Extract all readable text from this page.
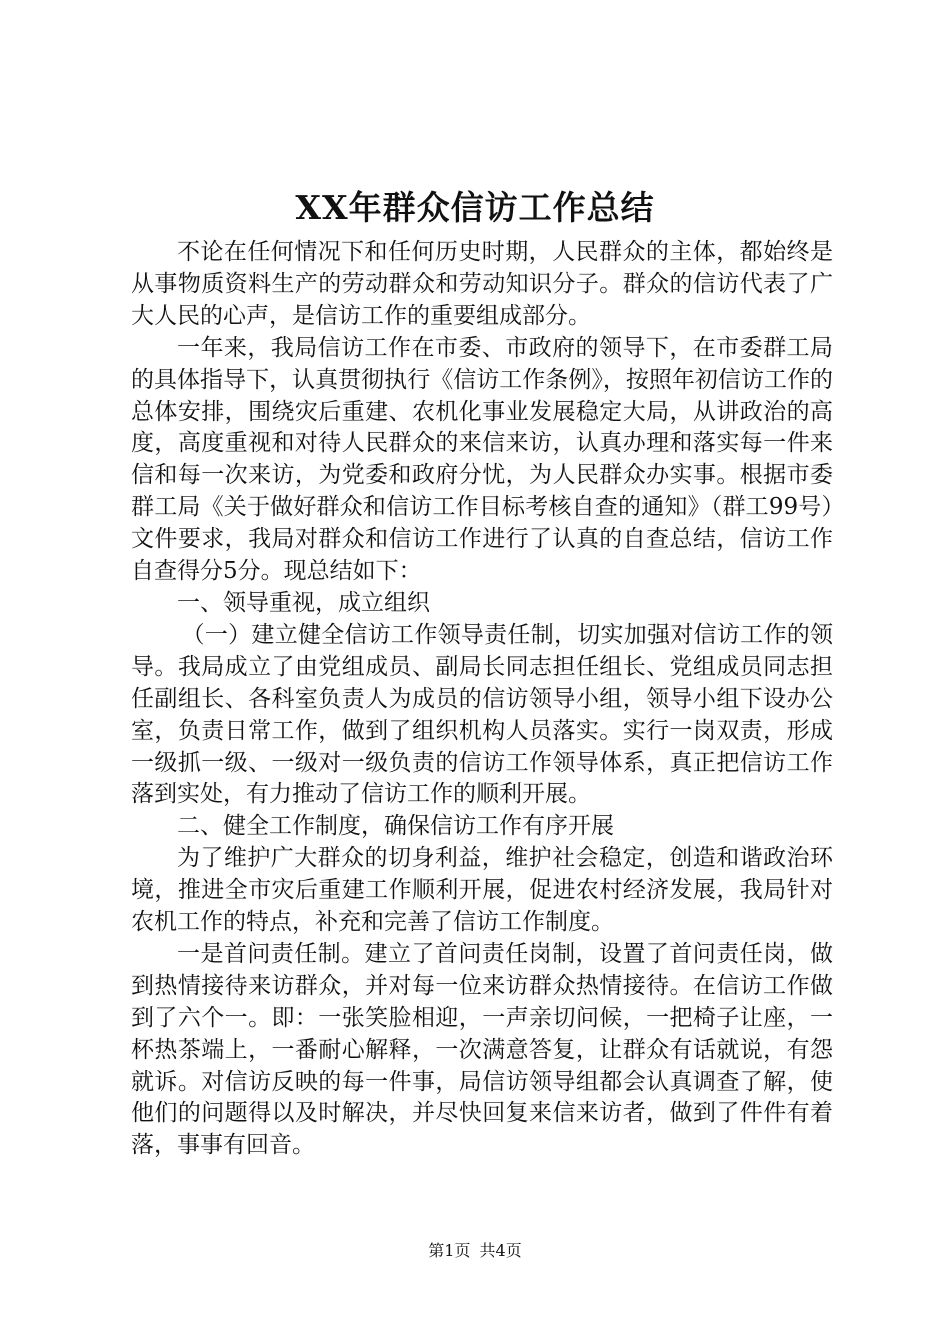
XX年群众信访工作总结

不论在任何情况下和任何历史时期，人民群众的主体，都始终是从事物质资料生产的劳动群众和劳动知识分子。群众的信访代表了广大人民的心声，是信访工作的重要组成部分。

一年来，我局信访工作在市委、市政府的领导下，在市委群工局的具体指导下，认真贯彻执行《信访工作条例》，按照年初信访工作的总体安排，围绕灾后重建、农机化事业发展稳定大局，从讲政治的高度，高度重视和对待人民群众的来信来访，认真办理和落实每一件来信和每一次来访，为党委和政府分忧，为人民群众办实事。根据市委群工局《关于做好群众和信访工作目标考核自查的通知》（群工99号）文件要求，我局对群众和信访工作进行了认真的自查总结，信访工作自查得分5分。现总结如下：

一、领导重视，成立组织

（一）建立健全信访工作领导责任制，切实加强对信访工作的领导。我局成立了由党组成员、副局长同志担任组长、党组成员同志担任副组长、各科室负责人为成员的信访领导小组，领导小组下设办公室，负责日常工作，做到了组织机构人员落实。实行一岗双责，形成一级抓一级、一级对一级负责的信访工作领导体系，真正把信访工作落到实处，有力推动了信访工作的顺利开展。

二、健全工作制度，确保信访工作有序开展

为了维护广大群众的切身利益，维护社会稳定，创造和谐政治环境，推进全市灾后重建工作顺利开展，促进农村经济发展，我局针对农机工作的特点，补充和完善了信访工作制度。

一是首问责任制。建立了首问责任岗制，设置了首问责任岗，做到热情接待来访群众，并对每一位来访群众热情接待。在信访工作做到了六个一。即：一张笑脸相迎，一声亲切问候，一把椅子让座，一杯热茶端上，一番耐心解释，一次满意答复，让群众有话就说，有怨就诉。对信访反映的每一件事，局信访领导组都会认真调查了解，使他们的问题得以及时解决，并尽快回复来信来访者，做到了件件有着落，事事有回音。

第1页 共4页
